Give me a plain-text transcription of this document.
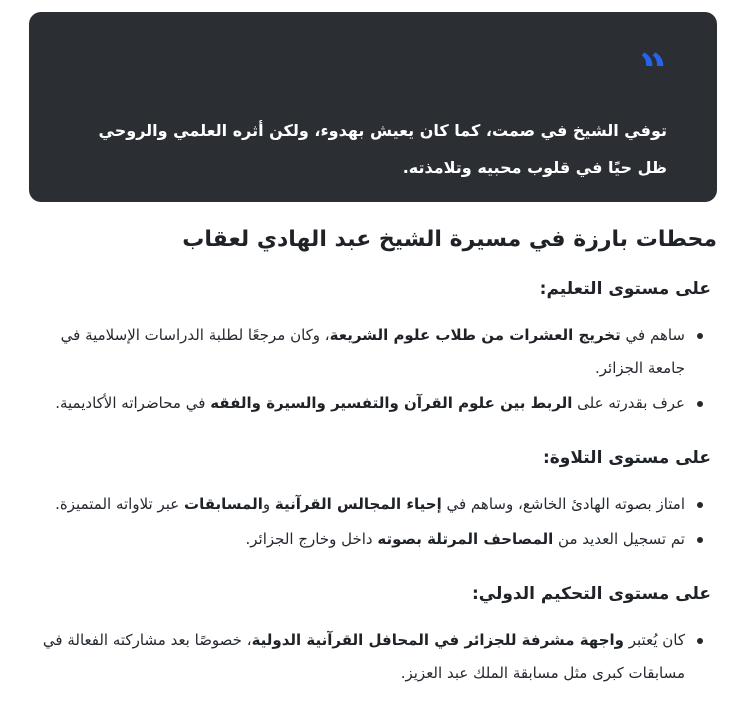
“

توفي الشيخ في صمت، كما كان يعيش بهدوء، ولكن أثره العلمي والروحي ظل حيًا في قلوب محبيه وتلامذته.

محطات بارزة في مسيرة الشيخ عبد الهادي لعقاب
على مستوى التعليم:
ساهم في تخريج العشرات من طلاب علوم الشريعة، وكان مرجعًا لطلبة الدراسات الإسلامية في جامعة الجزائر.
عرف بقدرته على الربط بين علوم القرآن والتفسير والسيرة والفقه في محاضراته الأكاديمية.
على مستوى التلاوة:
امتاز بصوته الهادئ الخاشع، وساهم في إحياء المجالس القرآنية والمسابقات عبر تلاواته المتميزة.
تم تسجيل العديد من المصاحف المرتلة بصوته داخل وخارج الجزائر.
على مستوى التحكيم الدولي:
كان يُعتبر واجهة مشرفة للجزائر في المحافل القرآنية الدولية، خصوصًا بعد مشاركته الفعالة في مسابقات كبرى مثل مسابقة الملك عبد العزيز.
